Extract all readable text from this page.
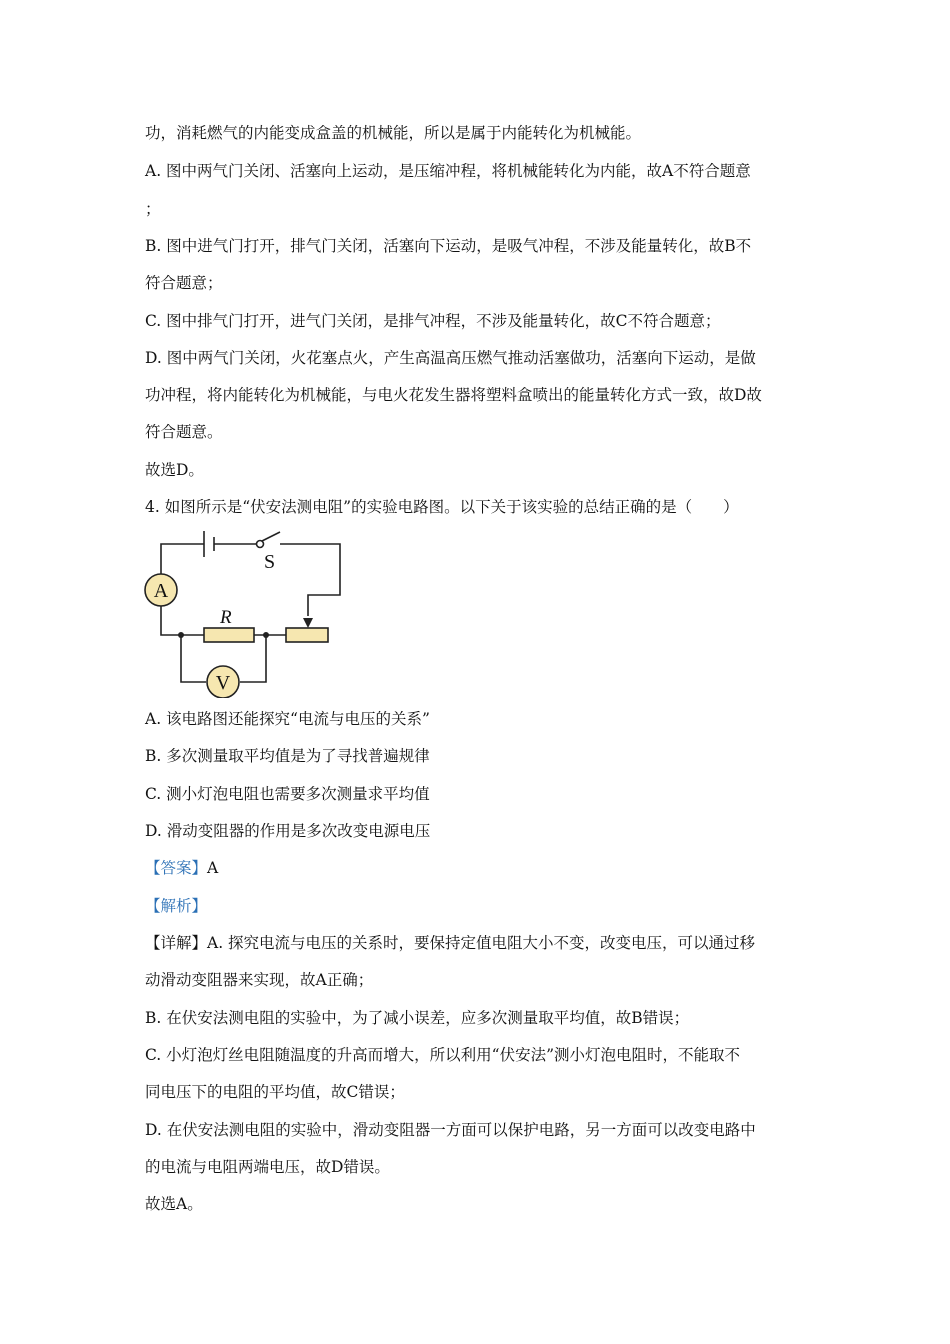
功，消耗燃气的内能变成盒盖的机械能，所以是属于内能转化为机械能。
A. 图中两气门关闭、活塞向上运动，是压缩冲程，将机械能转化为内能，故A不符合题意
；
B. 图中进气门打开，排气门关闭，活塞向下运动，是吸气冲程，不涉及能量转化，故B不
符合题意；
C. 图中排气门打开，进气门关闭，是排气冲程，不涉及能量转化，故C不符合题意；
D. 图中两气门关闭，火花塞点火，产生高温高压燃气推动活塞做功，活塞向下运动，是做
功冲程，将内能转化为机械能，与电火花发生器将塑料盒喷出的能量转化方式一致，故D故
符合题意。
故选D。
4. 如图所示是“伏安法测电阻”的实验电路图。以下关于该实验的总结正确的是（　　）
A
V
S
R
A. 该电路图还能探究“电流与电压的关系”
B. 多次测量取平均值是为了寻找普遍规律
C. 测小灯泡电阻也需要多次测量求平均值
D. 滑动变阻器的作用是多次改变电源电压
【答案】A
【解析】
【详解】A. 探究电流与电压的关系时，要保持定值电阻大小不变，改变电压，可以通过移
动滑动变阻器来实现，故A正确；
B. 在伏安法测电阻的实验中，为了减小误差，应多次测量取平均值，故B错误；
C. 小灯泡灯丝电阻随温度的升高而增大，所以利用“伏安法”测小灯泡电阻时，不能取不
同电压下的电阻的平均值，故C错误；
D. 在伏安法测电阻的实验中，滑动变阻器一方面可以保护电路，另一方面可以改变电路中
的电流与电阻两端电压，故D错误。
故选A。
